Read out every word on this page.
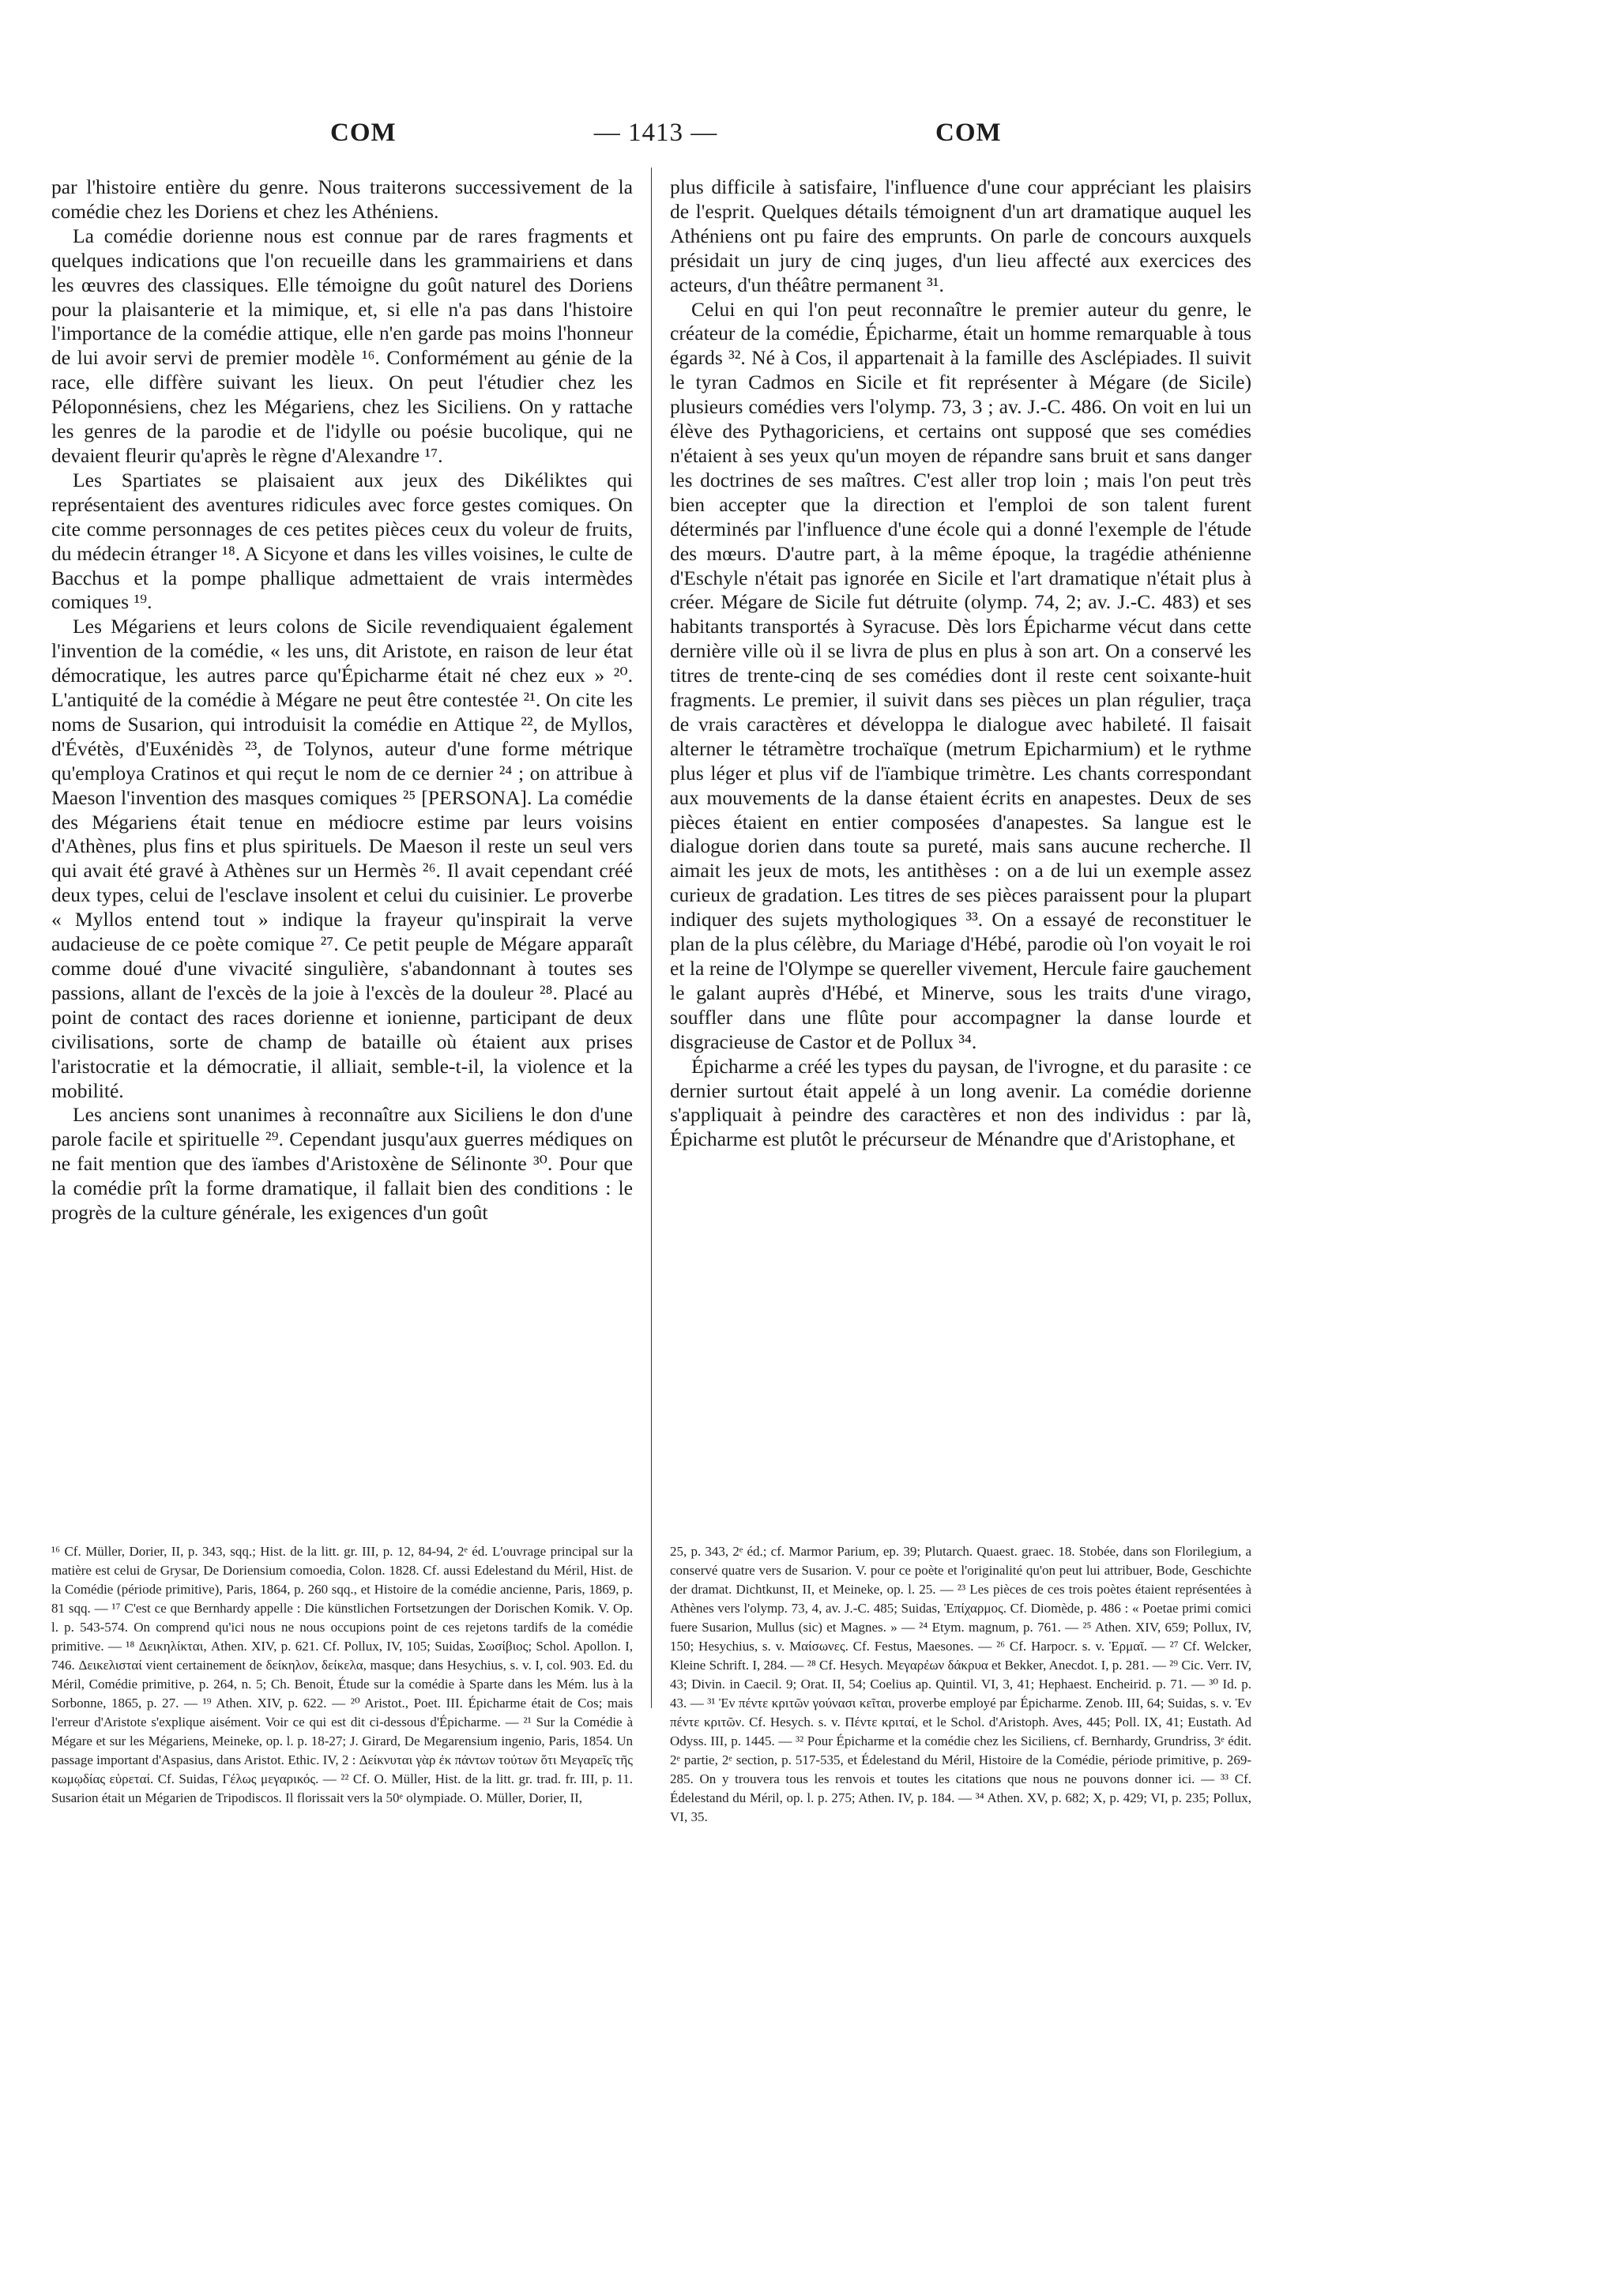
COM	— 1413 —	COM

par l'histoire entière du genre. Nous traiterons successivement de la comédie chez les Doriens et chez les Athéniens.

La comédie dorienne nous est connue par de rares fragments et quelques indications que l'on recueille dans les grammairiens et dans les œuvres des classiques. Elle témoigne du goût naturel des Doriens pour la plaisanterie et la mimique, et, si elle n'a pas dans l'histoire l'importance de la comédie attique, elle n'en garde pas moins l'honneur de lui avoir servi de premier modèle ¹⁶. Conformément au génie de la race, elle diffère suivant les lieux. On peut l'étudier chez les Péloponnésiens, chez les Mégariens, chez les Siciliens. On y rattache les genres de la parodie et de l'idylle ou poésie bucolique, qui ne devaient fleurir qu'après le règne d'Alexandre ¹⁷.

Les Spartiates se plaisaient aux jeux des Dikéliktes qui représentaient des aventures ridicules avec force gestes comiques. On cite comme personnages de ces petites pièces ceux du voleur de fruits, du médecin étranger ¹⁸. A Sicyone et dans les villes voisines, le culte de Bacchus et la pompe phallique admettaient de vrais intermèdes comiques ¹⁹.

Les Mégariens et leurs colons de Sicile revendiquaient également l'invention de la comédie, « les uns, dit Aristote, en raison de leur état démocratique, les autres parce qu'Épicharme était né chez eux » ²⁰. L'antiquité de la comédie à Mégare ne peut être contestée ²¹. On cite les noms de Susarion, qui introduisit la comédie en Attique ²², de Myllos, d'Évétès, d'Euxénidès ²³, de Tolynos, auteur d'une forme métrique qu'employa Cratinos et qui reçut le nom de ce dernier ²⁴ ; on attribue à Maeson l'invention des masques comiques ²⁵ [PERSONA]. La comédie des Mégariens était tenue en médiocre estime par leurs voisins d'Athènes, plus fins et plus spirituels. De Maeson il reste un seul vers qui avait été gravé à Athènes sur un Hermès ²⁶. Il avait cependant créé deux types, celui de l'esclave insolent et celui du cuisinier. Le proverbe « Myllos entend tout » indique la frayeur qu'inspirait la verve audacieuse de ce poète comique ²⁷. Ce petit peuple de Mégare apparaît comme doué d'une vivacité singulière, s'abandonnant à toutes ses passions, allant de l'excès de la joie à l'excès de la douleur ²⁸. Placé au point de contact des races dorienne et ionienne, participant de deux civilisations, sorte de champ de bataille où étaient aux prises l'aristocratie et la démocratie, il alliait, semble-t-il, la violence et la mobilité.

Les anciens sont unanimes à reconnaître aux Siciliens le don d'une parole facile et spirituelle ²⁹. Cependant jusqu'aux guerres médiques on ne fait mention que des ïambes d'Aristoxène de Sélinonte ³⁰. Pour que la comédie prît la forme dramatique, il fallait bien des conditions : le progrès de la culture générale, les exigences d'un goût

plus difficile à satisfaire, l'influence d'une cour appréciant les plaisirs de l'esprit. Quelques détails témoignent d'un art dramatique auquel les Athéniens ont pu faire des emprunts. On parle de concours auxquels présidait un jury de cinq juges, d'un lieu affecté aux exercices des acteurs, d'un théâtre permanent ³¹.

Celui en qui l'on peut reconnaître le premier auteur du genre, le créateur de la comédie, Épicharme, était un homme remarquable à tous égards ³². Né à Cos, il appartenait à la famille des Asclépiades. Il suivit le tyran Cadmos en Sicile et fit représenter à Mégare (de Sicile) plusieurs comédies vers l'olymp. 73, 3 ; av. J.-C. 486. On voit en lui un élève des Pythagoriciens, et certains ont supposé que ses comédies n'étaient à ses yeux qu'un moyen de répandre sans bruit et sans danger les doctrines de ses maîtres. C'est aller trop loin ; mais l'on peut très bien accepter que la direction et l'emploi de son talent furent déterminés par l'influence d'une école qui a donné l'exemple de l'étude des mœurs. D'autre part, à la même époque, la tragédie athénienne d'Eschyle n'était pas ignorée en Sicile et l'art dramatique n'était plus à créer. Mégare de Sicile fut détruite (olymp. 74, 2; av. J.-C. 483) et ses habitants transportés à Syracuse. Dès lors Épicharme vécut dans cette dernière ville où il se livra de plus en plus à son art. On a conservé les titres de trente-cinq de ses comédies dont il reste cent soixante-huit fragments. Le premier, il suivit dans ses pièces un plan régulier, traça de vrais caractères et développa le dialogue avec habileté. Il faisait alterner le tétramètre trochaïque (metrum Epicharmium) et le rythme plus léger et plus vif de l'ïambique trimètre. Les chants correspondant aux mouvements de la danse étaient écrits en anapestes. Deux de ses pièces étaient en entier composées d'anapestes. Sa langue est le dialogue dorien dans toute sa pureté, mais sans aucune recherche. Il aimait les jeux de mots, les antithèses : on a de lui un exemple assez curieux de gradation. Les titres de ses pièces paraissent pour la plupart indiquer des sujets mythologiques ³³. On a essayé de reconstituer le plan de la plus célèbre, du Mariage d'Hébé, parodie où l'on voyait le roi et la reine de l'Olympe se quereller vivement, Hercule faire gauchement le galant auprès d'Hébé, et Minerve, sous les traits d'une virago, souffler dans une flûte pour accompagner la danse lourde et disgracieuse de Castor et de Pollux ³⁴.

Épicharme a créé les types du paysan, de l'ivrogne, et du parasite : ce dernier surtout était appelé à un long avenir. La comédie dorienne s'appliquait à peindre des caractères et non des individus : par là, Épicharme est plutôt le précurseur de Ménandre que d'Aristophane, et

¹⁶ Cf. Müller, Dorier, II, p. 343, sqq.; Hist. de la litt. gr. III, p. 12, 84-94, 2ᵉ éd. L'ouvrage principal sur la matière est celui de Grysar, De Doriensium comoedia, Colon. 1828. Cf. aussi Edelestand du Méril, Hist. de la Comédie (période primitive), Paris, 1864, p. 260 sqq., et Histoire de la comédie ancienne, Paris, 1869, p. 81 sqq. — ¹⁷ C'est ce que Bernhardy appelle : Die künstlichen Fortsetzungen der Dorischen Komik. V. Op. l. p. 543-574. On comprend qu'ici nous ne nous occupions point de ces rejetons tardifs de la comédie primitive. — ¹⁸ Δεικηλίκται, Athen. XIV, p. 621. Cf. Pollux, IV, 105; Suidas, Σωσίβιος; Schol. Apollon. I, 746. Δεικελισταί vient certainement de δείκηλον, δείκελα, masque; dans Hesychius, s. v. I, col. 903. Ed. du Méril, Comédie primitive, p. 264, n. 5; Ch. Benoit, Étude sur la comédie à Sparte dans les Mém. lus à la Sorbonne, 1865, p. 27. — ¹⁹ Athen. XIV, p. 622. — ²⁰ Aristot., Poet. III. Épicharme était de Cos; mais l'erreur d'Aristote s'explique aisément. Voir ce qui est dit ci-dessous d'Épicharme. — ²¹ Sur la Comédie à Mégare et sur les Mégariens, Meineke, op. l. p. 18-27; J. Girard, De Megarensium ingenio, Paris, 1854. Un passage important d'Aspasius, dans Aristot. Ethic. IV, 2 : Δείκνυται γὰρ ἐκ πάντων τούτων ὅτι Μεγαρεῖς τῆς κωμῳδίας εὑρεταί. Cf. Suidas, Γέλως μεγαρικός. — ²² Cf. O. Müller, Hist. de la litt. gr. trad. fr. III, p. 11. Susarion était un Mégarien de Tripodiscos. Il florissait vers la 50ᵉ olympiade. O. Müller, Dorier, II,

25, p. 343, 2ᵉ éd.; cf. Marmor Parium, ep. 39; Plutarch. Quaest. graec. 18. Stobée, dans son Florilegium, a conservé quatre vers de Susarion. V. pour ce poète et l'originalité qu'on peut lui attribuer, Bode, Geschichte der dramat. Dichtkunst, II, et Meineke, op. l. 25. — ²³ Les pièces de ces trois poètes étaient représentées à Athènes vers l'olymp. 73, 4, av. J.-C. 485; Suidas, Ἐπίχαρμος. Cf. Diomède, p. 486 : « Poetae primi comici fuere Susarion, Mullus (sic) et Magnes. » — ²⁴ Etym. magnum, p. 761. — ²⁵ Athen. XIV, 659; Pollux, IV, 150; Hesychius, s. v. Μαίσωνες. Cf. Festus, Maesones. — ²⁶ Cf. Harpocr. s. v. Ἑρμαῖ. — ²⁷ Cf. Welcker, Kleine Schrift. I, 284. — ²⁸ Cf. Hesych. Μεγαρέων δάκρυα et Bekker, Anecdot. I, p. 281. — ²⁹ Cic. Verr. IV, 43; Divin. in Caecil. 9; Orat. II, 54; Coelius ap. Quintil. VI, 3, 41; Hephaest. Encheirid. p. 71. — ³⁰ Id. p. 43. — ³¹ Ἐν πέντε κριτῶν γούνασι κεῖται, proverbe employé par Épicharme. Zenob. III, 64; Suidas, s. v. Ἐν πέντε κριτῶν. Cf. Hesych. s. v. Πέντε κριταί, et le Schol. d'Aristoph. Aves, 445; Poll. IX, 41; Eustath. Ad Odyss. III, p. 1445. — ³² Pour Épicharme et la comédie chez les Siciliens, cf. Bernhardy, Grundriss, 3ᵉ édit. 2ᵉ partie, 2ᵉ section, p. 517-535, et Édelestand du Méril, Histoire de la Comédie, période primitive, p. 269-285. On y trouvera tous les renvois et toutes les citations que nous ne pouvons donner ici. — ³³ Cf. Édelestand du Méril, op. l. p. 275; Athen. IV, p. 184. — ³⁴ Athen. XV, p. 682; X, p. 429; VI, p. 235; Pollux, VI, 35.
